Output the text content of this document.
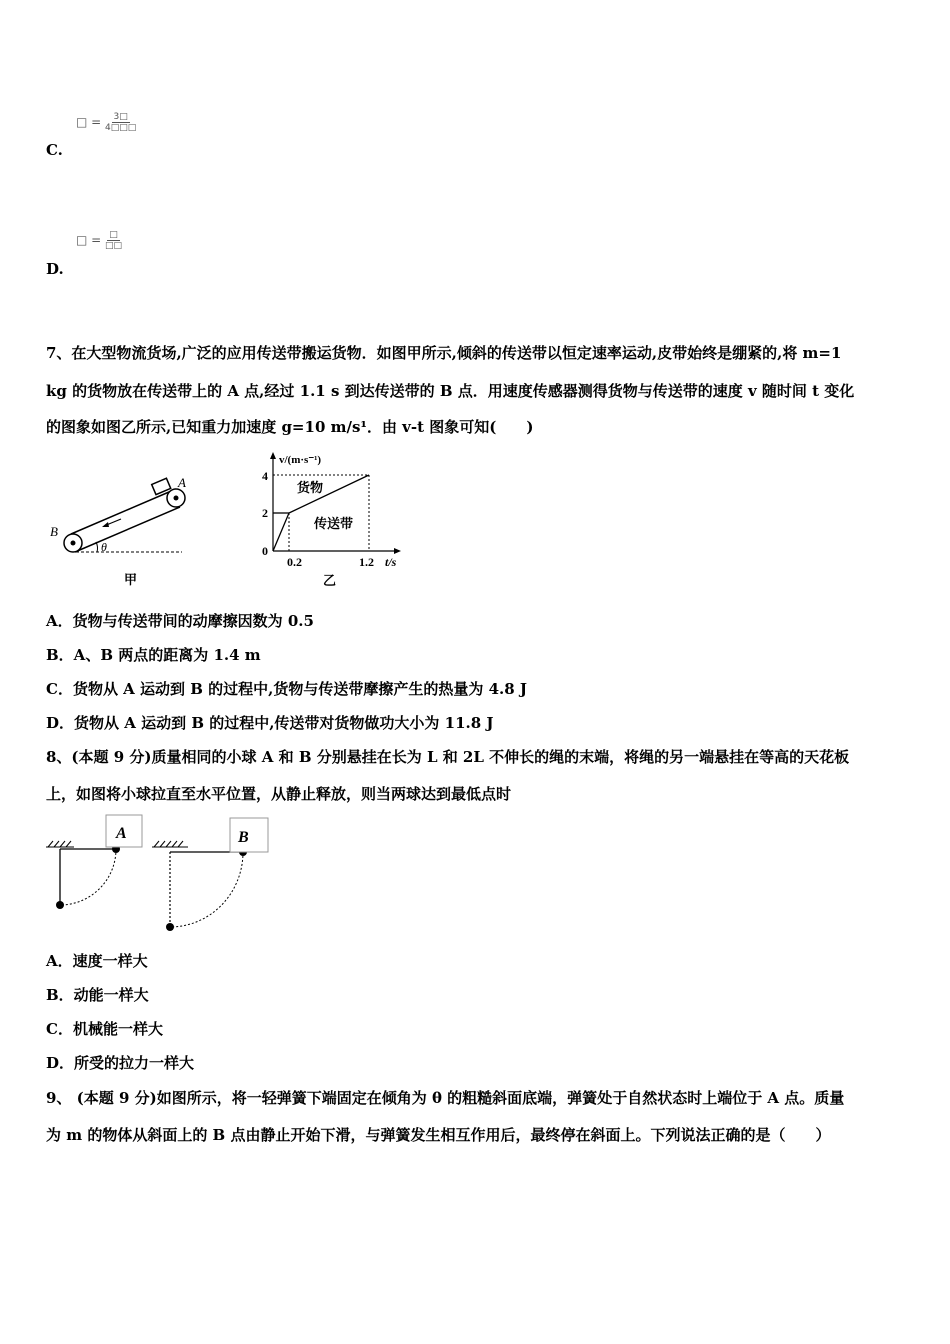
□ = $\frac{3□}{4□□□}$
C.
□ = $\frac{□}{□□}$
D.
7、在大型物流货场,广泛的应用传送带搬运货物．如图甲所示,倾斜的传送带以恒定速率运动,皮带始终是绷紧的,将 m=1
kg 的货物放在传送带上的 A 点,经过 1.1 s 到达传送带的 B 点．用速度传感器测得货物与传送带的速度 v 随时间 t 变化
的图象如图乙所示,已知重力加速度 g=10 m/s¹．由 v-t 图象可知(　　)
A
B
θ
甲
v/(m·s⁻¹)
4
2
0
0.2	1.2 t/s
货物
传送带
乙
A．货物与传送带间的动摩擦因数为 0.5
B．A、B 两点的距离为 1.4 m
C．货物从 A 运动到 B 的过程中,货物与传送带摩擦产生的热量为 4.8 J
D．货物从 A 运动到 B 的过程中,传送带对货物做功大小为 11.8 J
8、(本题 9 分)质量相同的小球 A 和 B 分别悬挂在长为 L 和 2L 不伸长的绳的末端，将绳的另一端悬挂在等高的天花板
上，如图将小球拉直至水平位置，从静止释放，则当两球达到最低点时
A	B
A．速度一样大
B．动能一样大
C．机械能一样大
D．所受的拉力一样大
9、 (本题 9 分)如图所示，将一轻弹簧下端固定在倾角为 θ 的粗糙斜面底端，弹簧处于自然状态时上端位于 A 点。质量
为 m 的物体从斜面上的 B 点由静止开始下滑，与弹簧发生相互作用后，最终停在斜面上。下列说法正确的是（　　）
